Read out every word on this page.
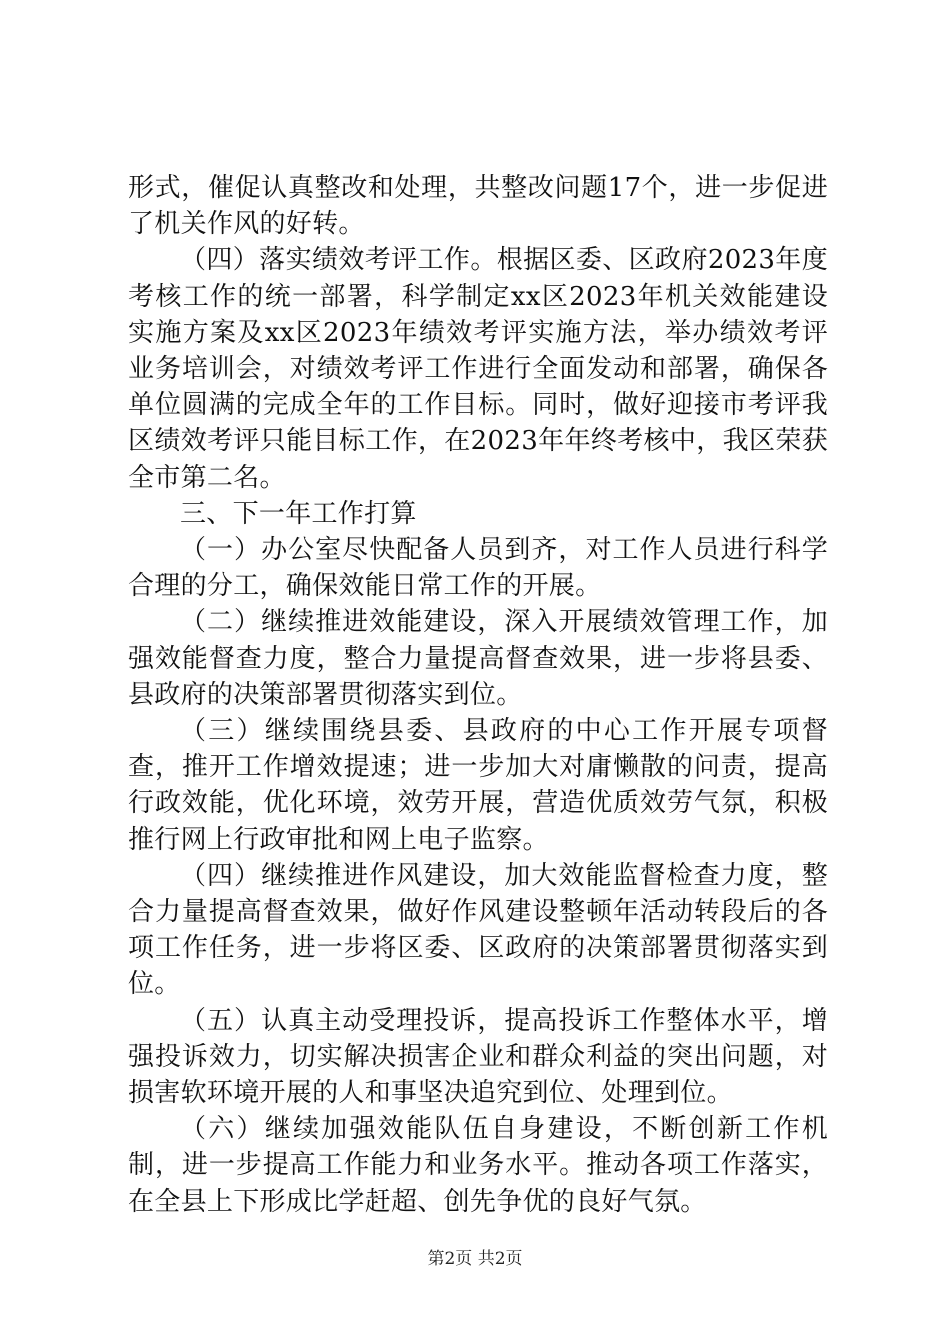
形式，催促认真整改和处理，共整改问题17个，进一步促进了机关作风的好转。

（四）落实绩效考评工作。根据区委、区政府2023年度考核工作的统一部署，科学制定xx区2023年机关效能建设实施方案及xx区2023年绩效考评实施方法，举办绩效考评业务培训会，对绩效考评工作进行全面发动和部署，确保各单位圆满的完成全年的工作目标。同时，做好迎接市考评我区绩效考评只能目标工作，在2023年年终考核中，我区荣获全市第二名。

三、下一年工作打算

（一）办公室尽快配备人员到齐，对工作人员进行科学合理的分工，确保效能日常工作的开展。

（二）继续推进效能建设，深入开展绩效管理工作，加强效能督查力度，整合力量提高督查效果，进一步将县委、县政府的决策部署贯彻落实到位。

（三）继续围绕县委、县政府的中心工作开展专项督查，推开工作增效提速；进一步加大对庸懒散的问责，提高行政效能，优化环境，效劳开展，营造优质效劳气氛，积极推行网上行政审批和网上电子监察。

（四）继续推进作风建设，加大效能监督检查力度，整合力量提高督查效果，做好作风建设整顿年活动转段后的各项工作任务，进一步将区委、区政府的决策部署贯彻落实到位。

（五）认真主动受理投诉，提高投诉工作整体水平，增强投诉效力，切实解决损害企业和群众利益的突出问题，对损害软环境开展的人和事坚决追究到位、处理到位。

（六）继续加强效能队伍自身建设，不断创新工作机制，进一步提高工作能力和业务水平。推动各项工作落实，在全县上下形成比学赶超、创先争优的良好气氛。

第2页 共2页
